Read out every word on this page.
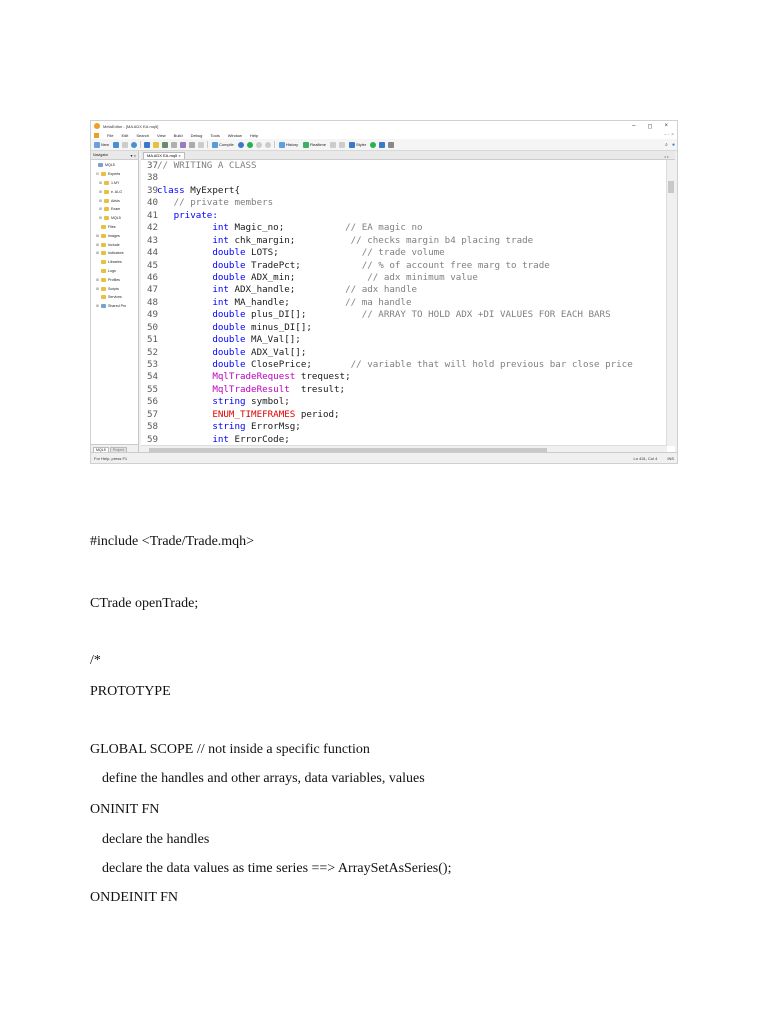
MetaEditor - [MA ADX EA.mq5]	– ◻ ×
File Edit Search View Build Debug Tools Window Help	– ▫ ×
New	Compile	History	Realtime	Styler	⌕ ●
Navigator	▾ ×
MQL5
⊟	Experts
⊞	1.MY
⊞	e. ALG
⊞	Advis
⊞	Exam
⊞	MQL5
Files
⊞	Images
⊞	Include
⊞	Indicators
Libraries
Logs
⊞	Profiles
⊞	Scripts
Services
⊞	Shared Pro
MQL5	Project
MA ADX EA.mq5 ×	◂ ▸
37
// WRITING A CLASS
38
39
class MyExpert{
40
// private members
41
private:
42
int Magic_no;           // EA magic no
43
int chk_margin;          // checks margin b4 placing trade
44
double LOTS;               // trade volume
45
double TradePct;           // % of account free marg to trade
46
double ADX_min;             // adx minimum value
47
int ADX_handle;         // adx handle
48
int MA_handle;          // ma handle
49
double plus_DI[];          // ARRAY TO HOLD ADX +DI VALUES FOR EACH BARS
50
double minus_DI[];
51
double MA_Val[];
52
double ADX_Val[];
53
double ClosePrice;       // variable that will hold previous bar close price
54
MqlTradeRequest trequest;
55
MqlTradeResult  tresult;
56
string symbol;
57
ENUM_TIMEFRAMES period;
58
string ErrorMsg;
59
int ErrorCode;
For Help, press F1	Ln 431, Col 4	INS
#include <Trade/Trade.mqh>
CTrade openTrade;
/*
PROTOTYPE
GLOBAL SCOPE // not inside a specific function
define the handles and other arrays, data variables, values
ONINIT FN
declare the handles
declare the data values as time series ==> ArraySetAsSeries();
ONDEINIT FN
